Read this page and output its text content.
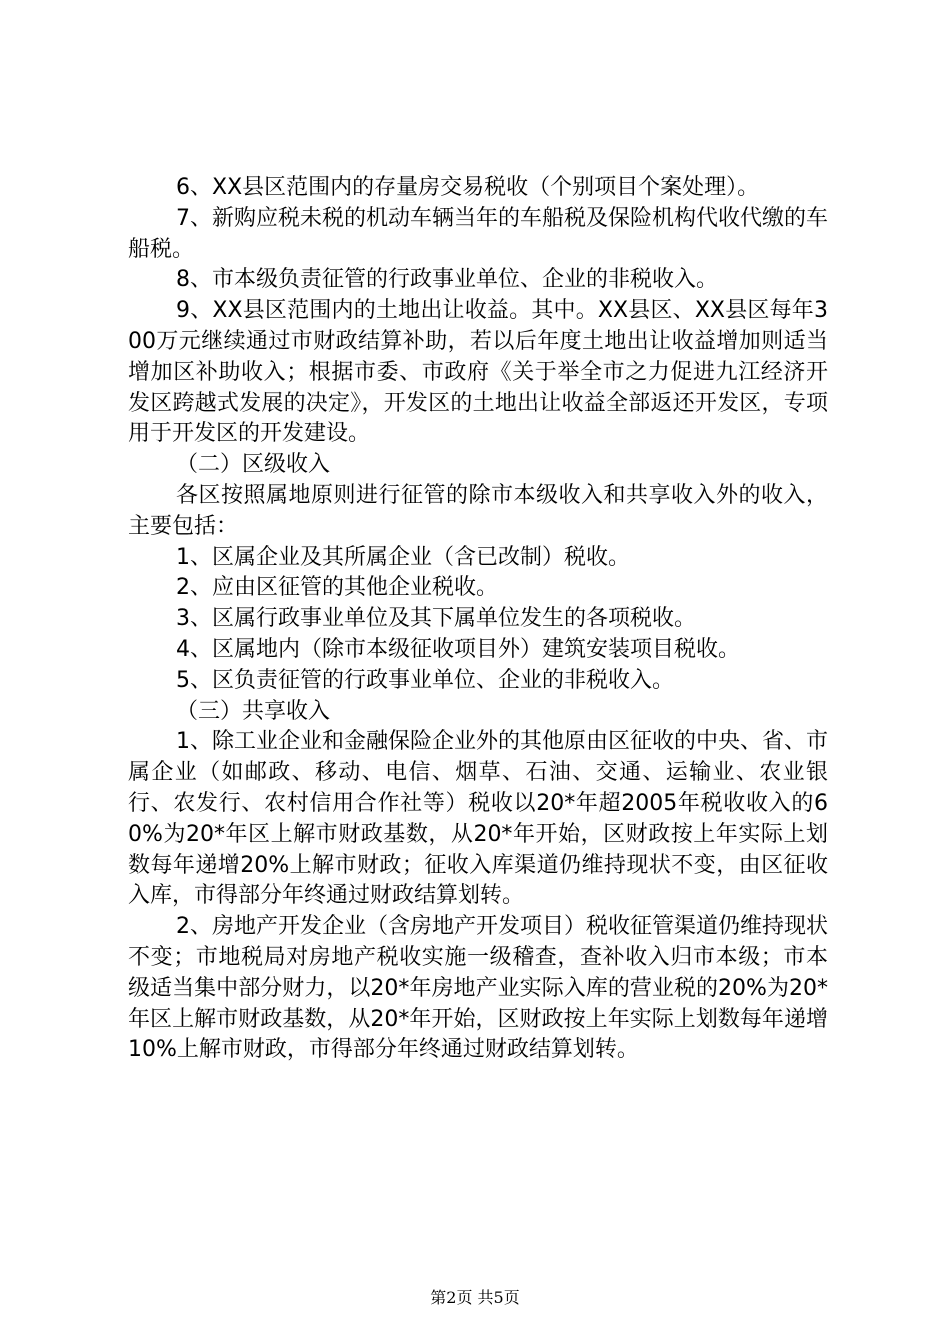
6、XX县区范围内的存量房交易税收（个别项目个案处理）。

7、新购应税未税的机动车辆当年的车船税及保险机构代收代缴的车船税。

8、市本级负责征管的行政事业单位、企业的非税收入。

9、XX县区范围内的土地出让收益。其中。XX县区、XX县区每年300万元继续通过市财政结算补助，若以后年度土地出让收益增加则适当增加区补助收入；根据市委、市政府《关于举全市之力促进九江经济开发区跨越式发展的决定》，开发区的土地出让收益全部返还开发区，专项用于开发区的开发建设。

（二）区级收入

各区按照属地原则进行征管的除市本级收入和共享收入外的收入，主要包括：

1、区属企业及其所属企业（含已改制）税收。

2、应由区征管的其他企业税收。

3、区属行政事业单位及其下属单位发生的各项税收。

4、区属地内（除市本级征收项目外）建筑安装项目税收。

5、区负责征管的行政事业单位、企业的非税收入。

（三）共享收入

1、除工业企业和金融保险企业外的其他原由区征收的中央、省、市属企业（如邮政、移动、电信、烟草、石油、交通、运输业、农业银行、农发行、农村信用合作社等）税收以20*年超2005年税收收入的60%为20*年区上解市财政基数，从20*年开始，区财政按上年实际上划数每年递增20%上解市财政；征收入库渠道仍维持现状不变，由区征收入库，市得部分年终通过财政结算划转。

2、房地产开发企业（含房地产开发项目）税收征管渠道仍维持现状不变；市地税局对房地产税收实施一级稽查，查补收入归市本级；市本级适当集中部分财力，以20*年房地产业实际入库的营业税的20%为20*年区上解市财政基数，从20*年开始，区财政按上年实际上划数每年递增10%上解市财政，市得部分年终通过财政结算划转。

第2页 共5页
